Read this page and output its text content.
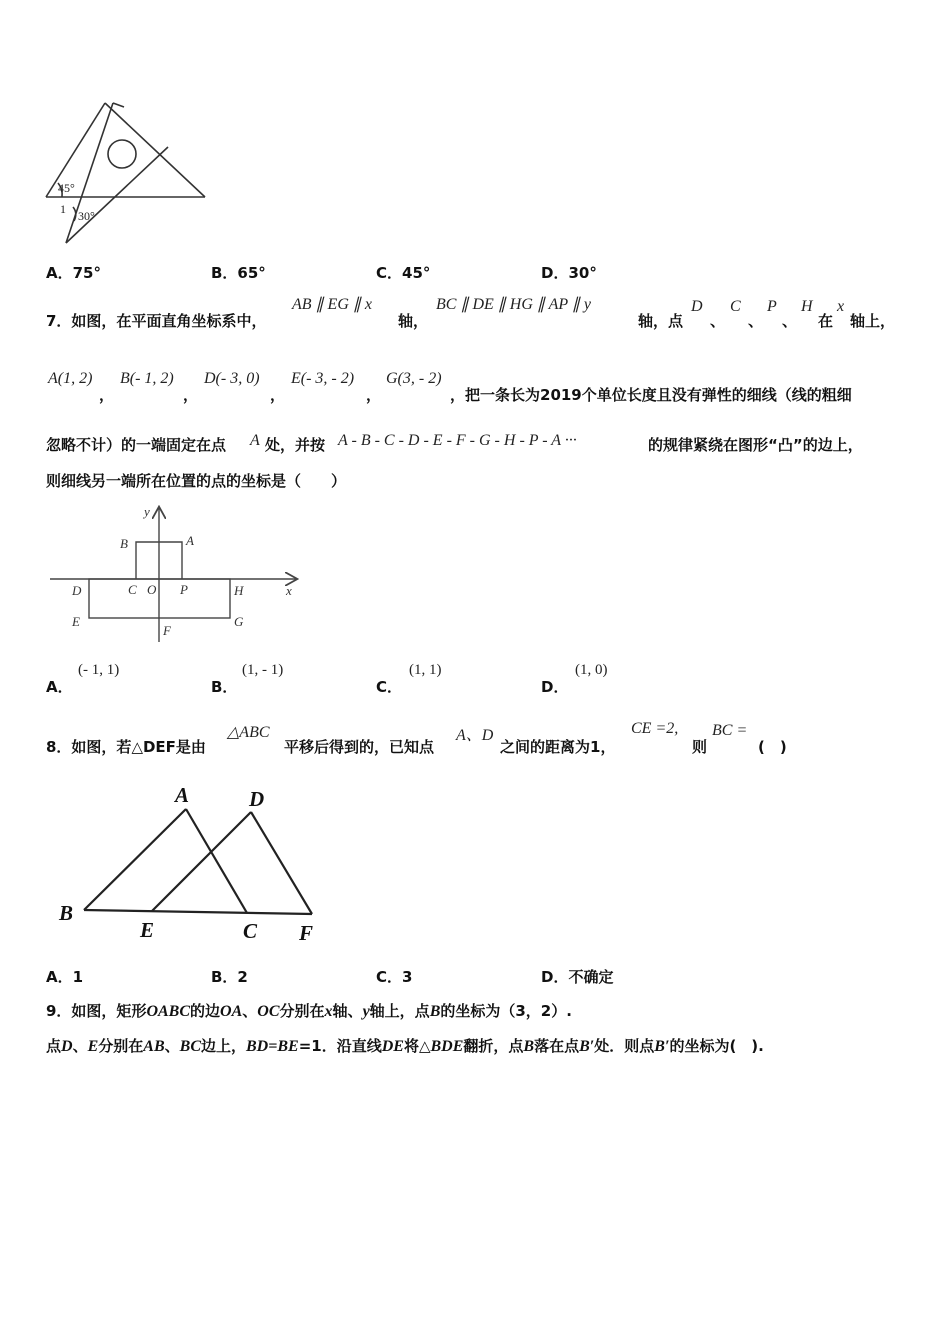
45°
1 30°
A．75°	B．65°	C．45°	D．30°
7．如图，在平面直角坐标系中，
AB ∥ EG ∥ x
轴，
BC ∥ DE ∥ HG ∥ AP ∥ y
轴，点
D
、
C
、
P
、
H
在
x
轴上，
A(1, 2)
，
B(- 1, 2)
，
D(- 3, 0)
，
E(- 3, - 2)
，
G(3, - 2)
，把一条长为2019个单位长度且没有弹性的细线（线的粗细
忽略不计）的一端固定在点 A 处，并按 A - B - C - D - E - F - G - H - P - A ···	的规律紧绕在图形“凸”的边上，
则细线另一端所在位置的点的坐标是（　　）
y
B	A
C O P
D	H	x
E	G
F
A．
(- 1, 1)
B．
(1, - 1)
C．
(1, 1)
D．
(1, 0)
8．如图，若△DEF是由
△ABC
平移后得到的，已知点
A、D
之间的距离为1，
CE =2,
则
BC =
(　)
A	D
B
E	C F
A．1	B．2	C．3	D．不确定
9．如图，矩形OABC的边OA、OC分别在x轴、y轴上，点B的坐标为（3，2）.
点D、E分别在AB、BC边上，BD=BE=1．沿直线DE将△BDE翻折，点B落在点B′处．则点B′的坐标为(　).
